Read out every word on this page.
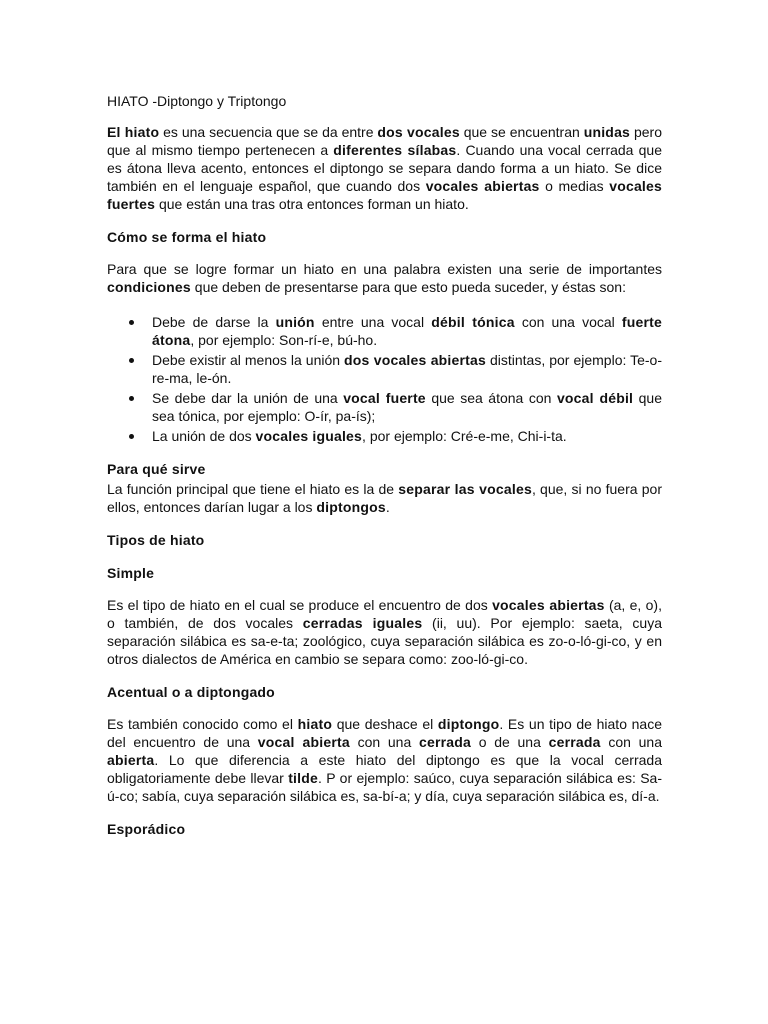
HIATO -Diptongo y Triptongo

El hiato es una secuencia que se da entre dos vocales que se encuentran unidas pero que al mismo tiempo pertenecen a diferentes sílabas. Cuando una vocal cerrada que es átona lleva acento, entonces el diptongo se separa dando forma a un hiato. Se dice también en el lenguaje español, que cuando dos vocales abiertas o medias vocales fuertes que están una tras otra entonces forman un hiato.

Cómo se forma el hiato

Para que se logre formar un hiato en una palabra existen una serie de importantes condiciones que deben de presentarse para que esto pueda suceder, y éstas son:

Debe de darse la unión entre una vocal débil tónica con una vocal fuerte átona, por ejemplo: Son-rí-e, bú-ho.
Debe existir al menos la unión dos vocales abiertas distintas, por ejemplo: Te-o-re-ma, le-ón.
Se debe dar la unión de una vocal fuerte que sea átona con vocal débil que sea tónica, por ejemplo: O-ír, pa-ís);
La unión de dos vocales iguales, por ejemplo: Cré-e-me, Chi-i-ta.

Para qué sirve

La función principal que tiene el hiato es la de separar las vocales, que, si no fuera por ellos, entonces darían lugar a los diptongos.

Tipos de hiato

Simple

Es el tipo de hiato en el cual se produce el encuentro de dos vocales abiertas (a, e, o), o también, de dos vocales cerradas iguales (ii, uu). Por ejemplo: saeta, cuya separación silábica es sa-e-ta; zoológico, cuya separación silábica es zo-o-ló-gi-co, y en otros dialectos de América en cambio se separa como: zoo-ló-gi-co.

Acentual o a diptongado

Es también conocido como el hiato que deshace el diptongo. Es un tipo de hiato nace del encuentro de una vocal abierta con una cerrada o de una cerrada con una abierta. Lo que diferencia a este hiato del diptongo es que la vocal cerrada obligatoriamente debe llevar tilde. P or ejemplo: saúco, cuya separación silábica es: Sa-ú-co; sabía, cuya separación silábica es, sa-bí-a; y día, cuya separación silábica es, dí-a.

Esporádico
